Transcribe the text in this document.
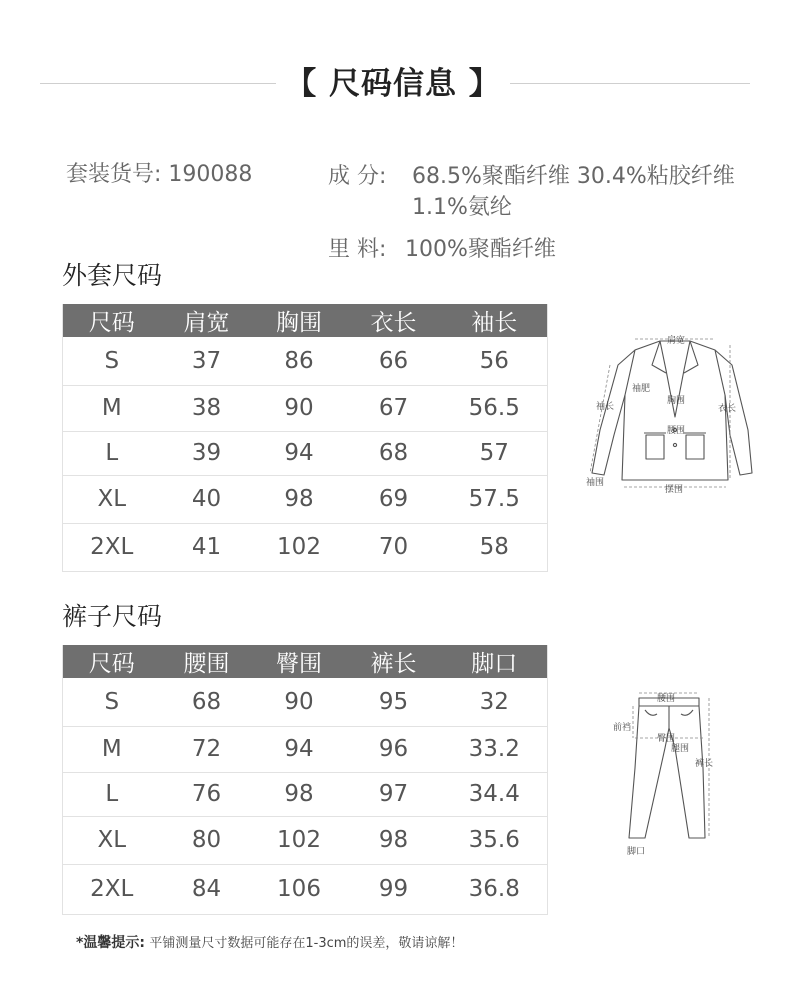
【 尺码信息 】
套装货号: 190088	成 分: 68.5%聚酯纤维 30.4%粘胶纤维
1.1%氨纶
里 料: 100%聚酯纤维
外套尺码
尺码	肩宽	胸围	衣长	袖长
S	37	86	66	56
M	38	90	67	56.5
L	39	94	68	57
XL	40	98	69	57.5
2XL	41	102	70	58
肩宽
袖肥
袖长
胸围
衣长
腰围
袖围
摆围
裤子尺码
尺码	腰围	臀围	裤长	脚口
S	68	90	95	32
M	72	94	96	33.2
L	76	98	97	34.4
XL	80	102	98	35.6
2XL	84	106	99	36.8
腰围
前裆
臀围
腿围
裤长
脚口
*温馨提示: 平铺测量尺寸数据可能存在1-3cm的误差，敬请谅解！
